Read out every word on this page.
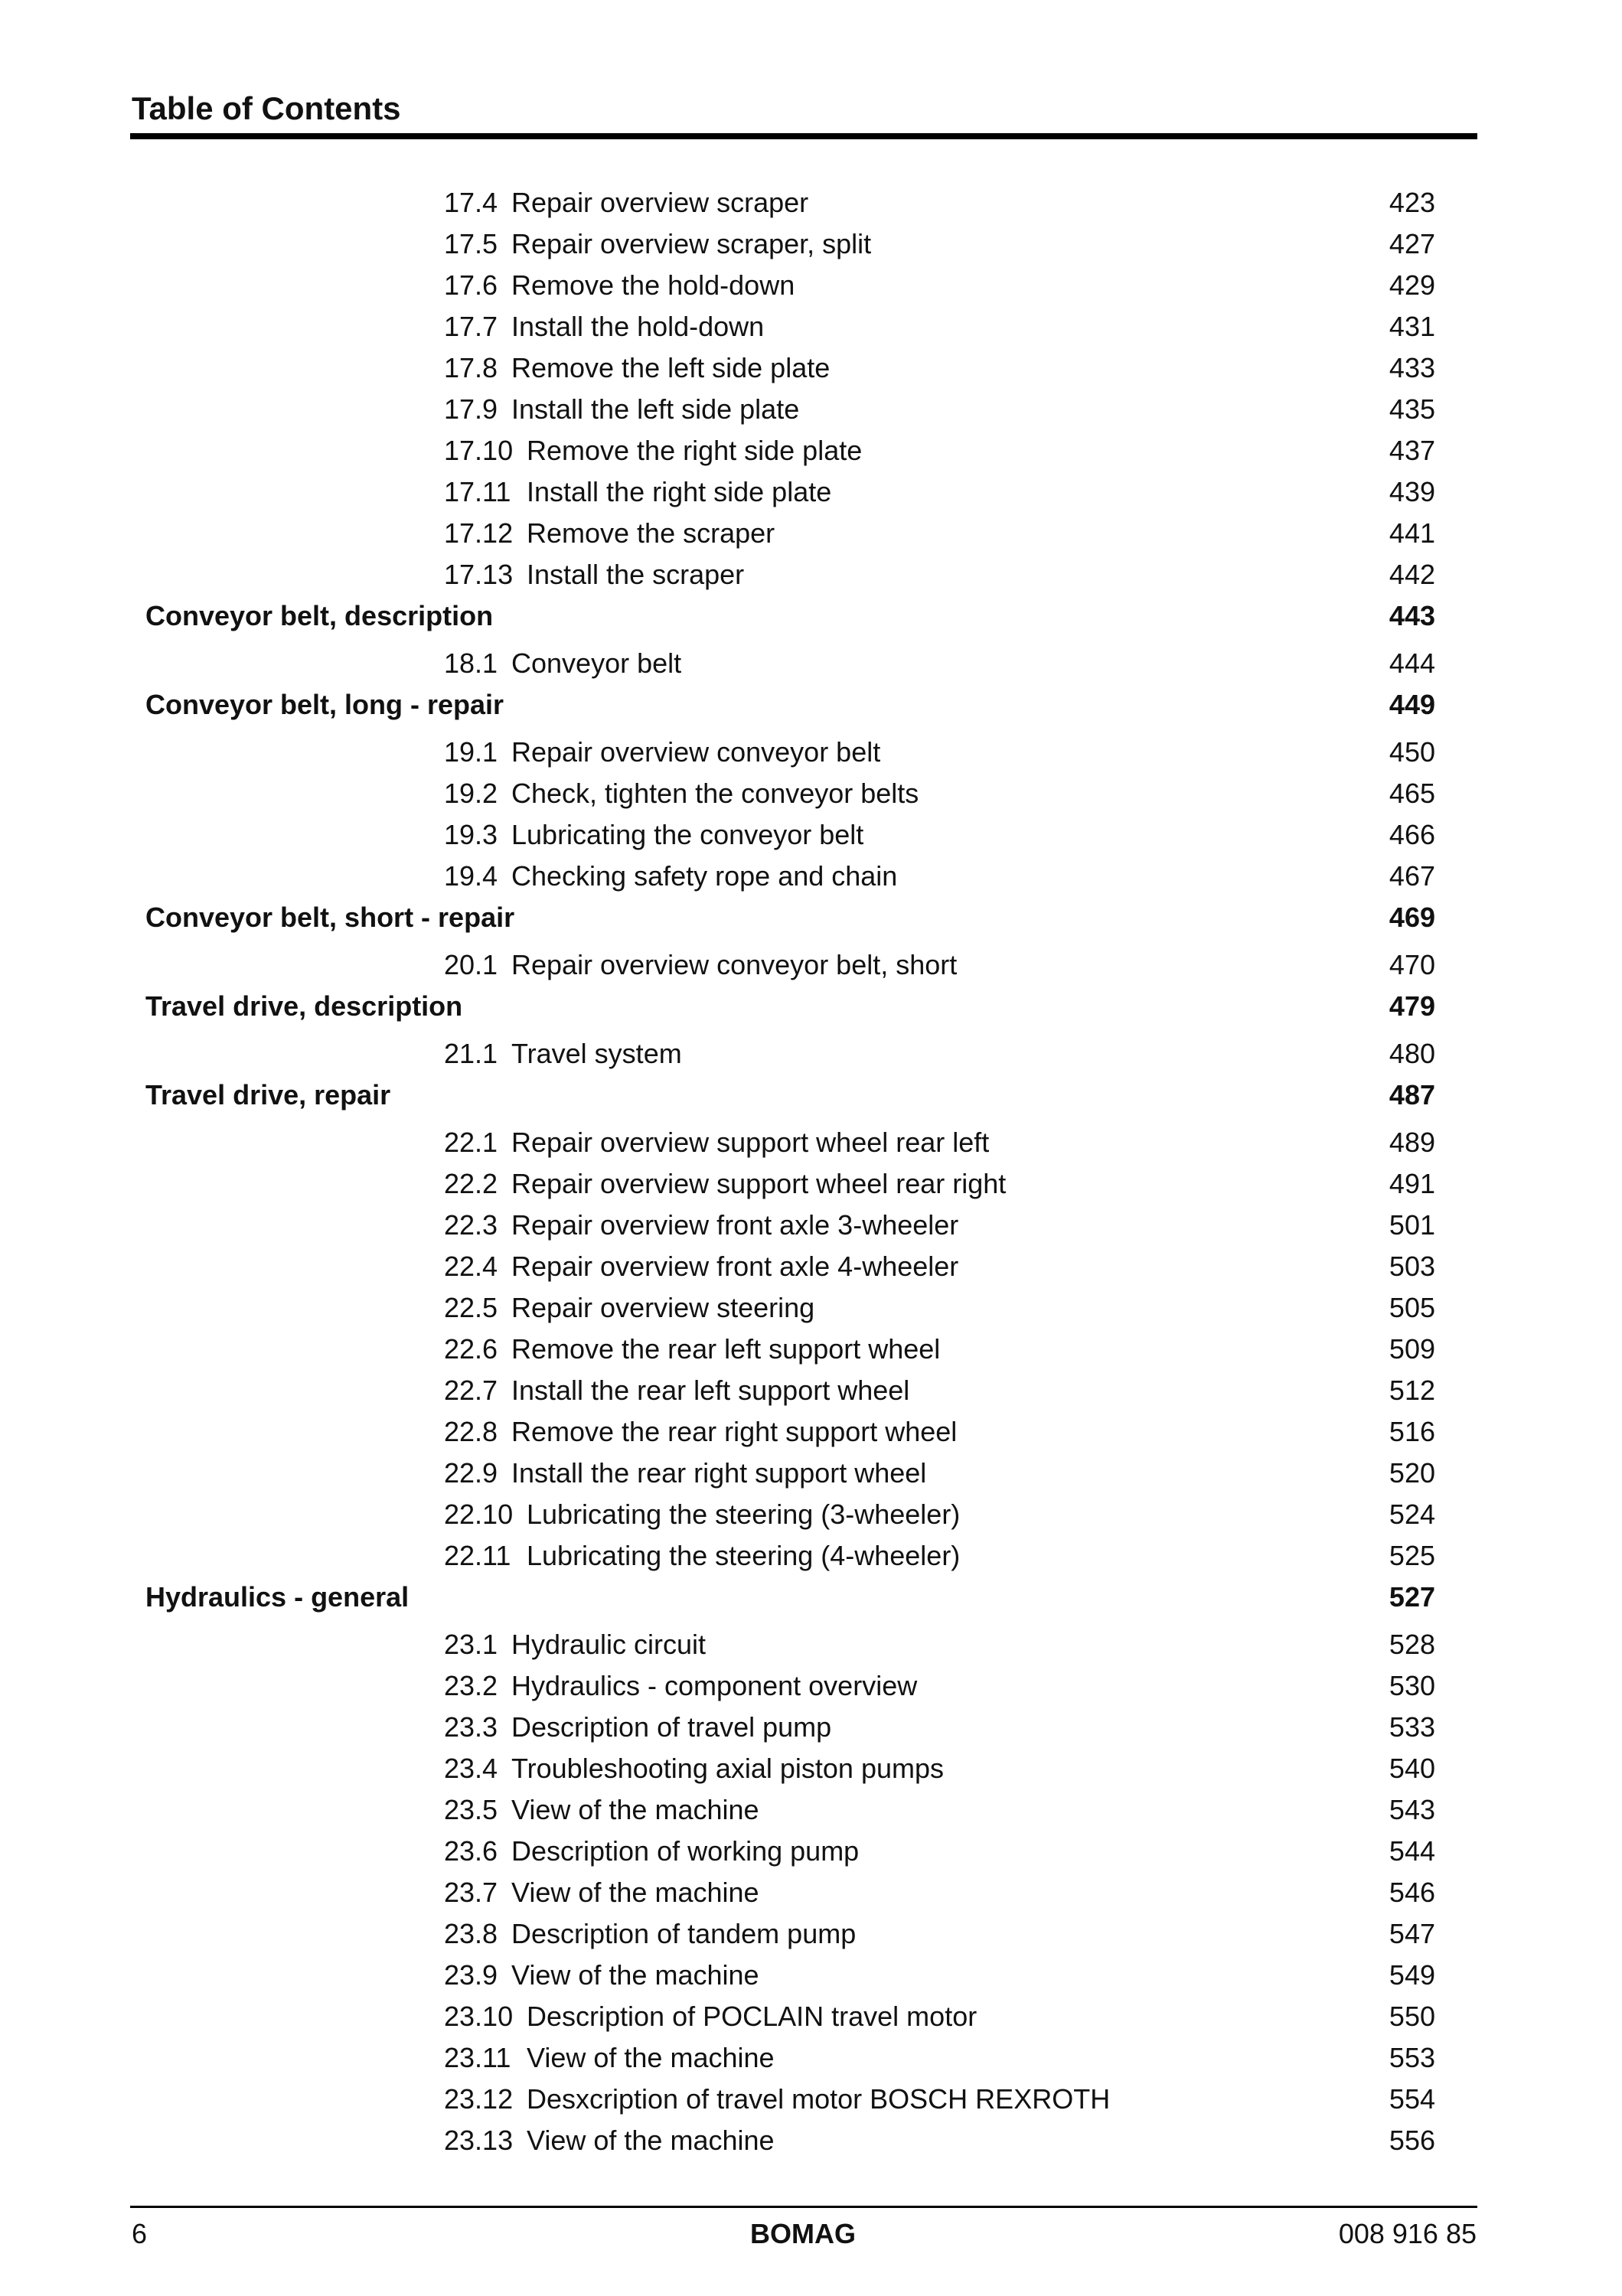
Table of Contents
17.4 Repair overview scraper	423
17.5 Repair overview scraper, split	427
17.6 Remove the hold-down	429
17.7 Install the hold-down	431
17.8 Remove the left side plate	433
17.9 Install the left side plate	435
17.10 Remove the right side plate	437
17.11 Install the right side plate	439
17.12 Remove the scraper	441
17.13 Install the scraper	442
Conveyor belt, description	443
18.1 Conveyor belt	444
Conveyor belt, long - repair	449
19.1 Repair overview conveyor belt	450
19.2 Check, tighten the conveyor belts	465
19.3 Lubricating the conveyor belt	466
19.4 Checking safety rope and chain	467
Conveyor belt, short - repair	469
20.1 Repair overview conveyor belt, short	470
Travel drive, description	479
21.1 Travel system	480
Travel drive, repair	487
22.1 Repair overview support wheel rear left	489
22.2 Repair overview support wheel rear right	491
22.3 Repair overview front axle 3-wheeler	501
22.4 Repair overview front axle 4-wheeler	503
22.5 Repair overview steering	505
22.6 Remove the rear left support wheel	509
22.7 Install the rear left support wheel	512
22.8 Remove the rear right support wheel	516
22.9 Install the rear right support wheel	520
22.10 Lubricating the steering (3-wheeler)	524
22.11 Lubricating the steering (4-wheeler)	525
Hydraulics - general	527
23.1 Hydraulic circuit	528
23.2 Hydraulics - component overview	530
23.3 Description of travel pump	533
23.4 Troubleshooting axial piston pumps	540
23.5 View of the machine	543
23.6 Description of working pump	544
23.7 View of the machine	546
23.8 Description of tandem pump	547
23.9 View of the machine	549
23.10 Description of POCLAIN travel motor	550
23.11 View of the machine	553
23.12 Desxcription of travel motor BOSCH REXROTH	554
23.13 View of the machine	556
6	BOMAG	008 916 85
